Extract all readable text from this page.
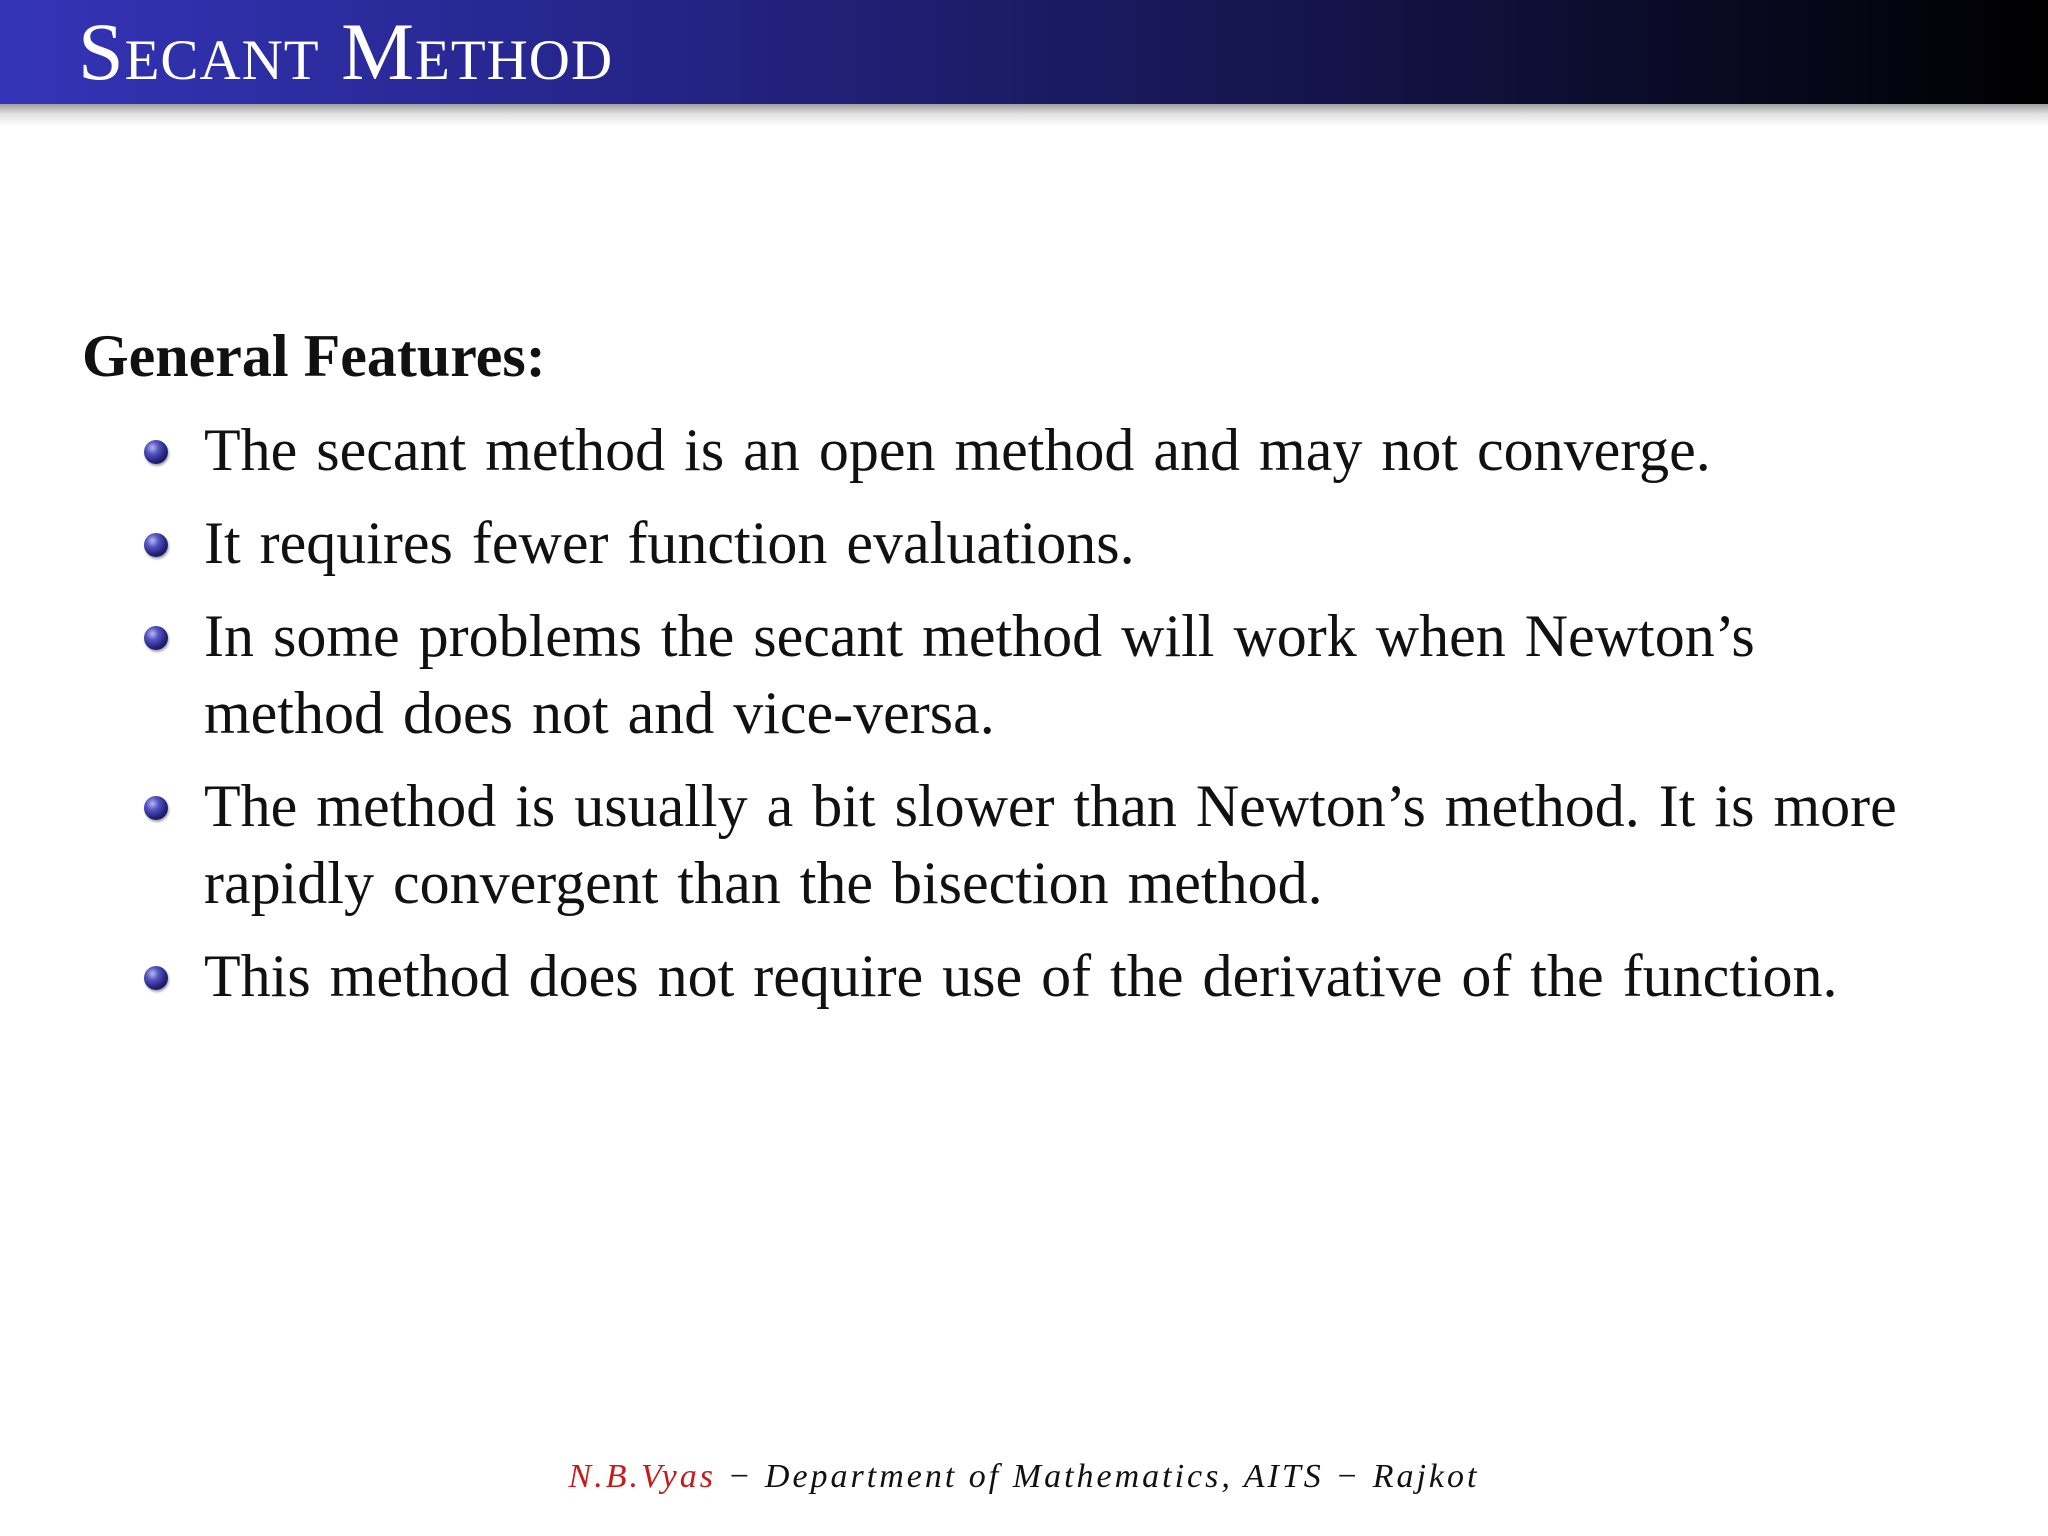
Secant Method
General Features:
The secant method is an open method and may not converge.
It requires fewer function evaluations.
In some problems the secant method will work when Newton’s method does not and vice-versa.
The method is usually a bit slower than Newton’s method. It is more rapidly convergent than the bisection method.
This method does not require use of the derivative of the function.
N.B.Vyas − Department of Mathematics, AITS − Rajkot
